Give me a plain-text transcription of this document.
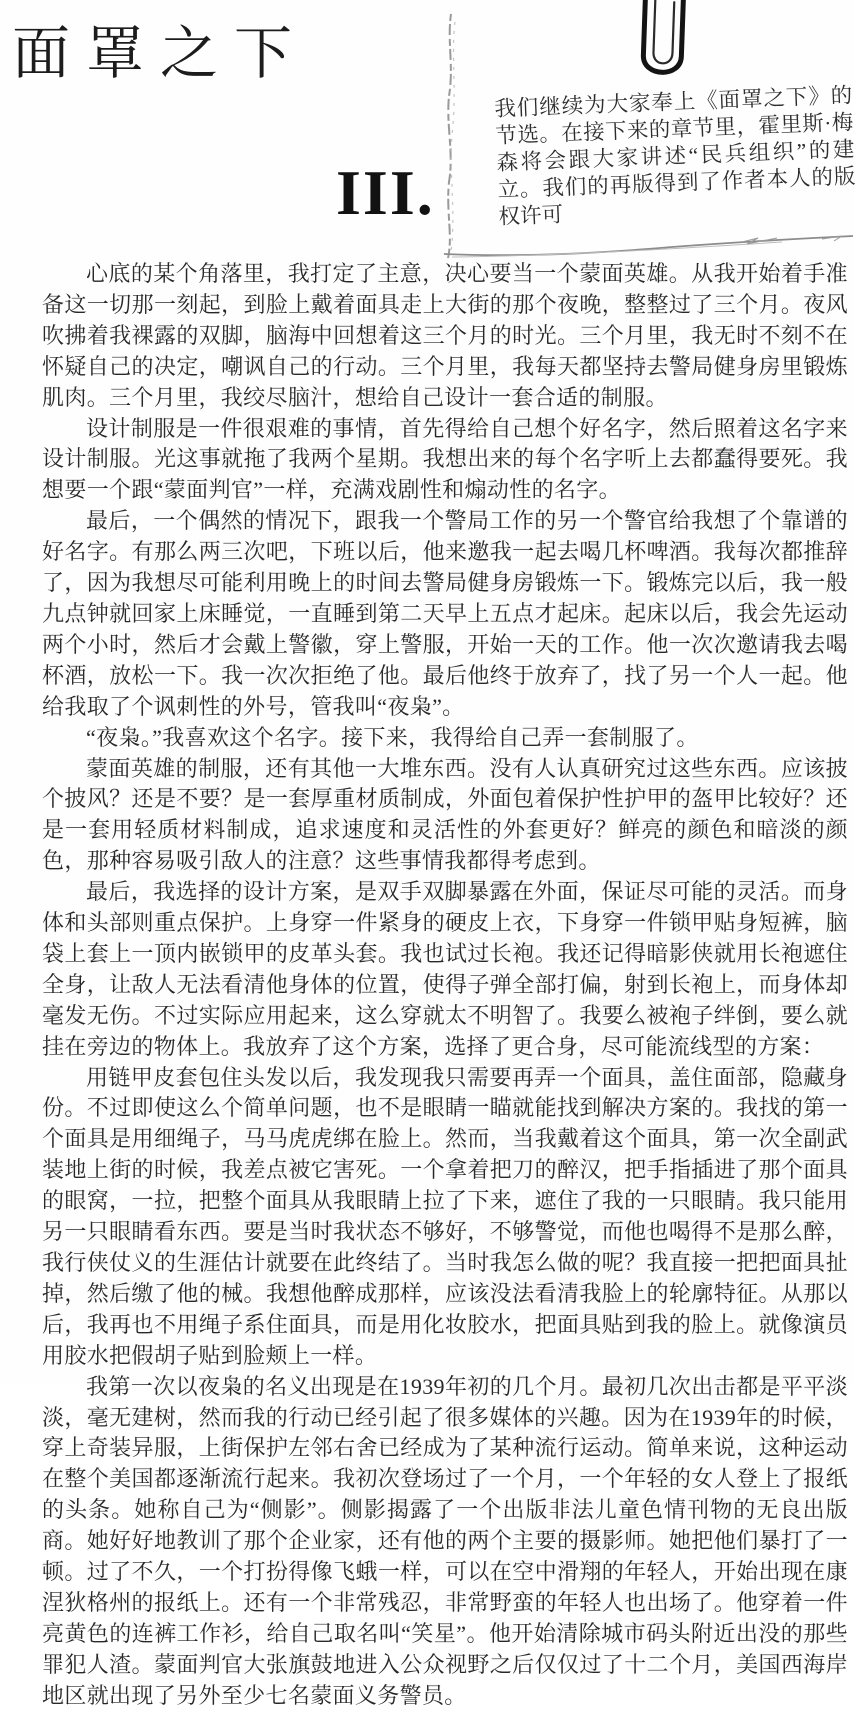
面罩之下

我们继续为大家奉上《面罩之下》的节选。在接下来的章节里，霍里斯·梅森将会跟大家讲述“民兵组织”的建立。我们的再版得到了作者本人的版权许可

III.

心底的某个角落里，我打定了主意，决心要当一个蒙面英雄。从我开始着手准备这一切那一刻起，到脸上戴着面具走上大街的那个夜晚，整整过了三个月。夜风吹拂着我裸露的双脚，脑海中回想着这三个月的时光。三个月里，我无时不刻不在怀疑自己的决定，嘲讽自己的行动。三个月里，我每天都坚持去警局健身房里锻炼肌肉。三个月里，我绞尽脑汁，想给自己设计一套合适的制服。

设计制服是一件很艰难的事情，首先得给自己想个好名字，然后照着这名字来设计制服。光这事就拖了我两个星期。我想出来的每个名字听上去都蠢得要死。我想要一个跟“蒙面判官”一样，充满戏剧性和煽动性的名字。

最后，一个偶然的情况下，跟我一个警局工作的另一个警官给我想了个靠谱的好名字。有那么两三次吧，下班以后，他来邀我一起去喝几杯啤酒。我每次都推辞了，因为我想尽可能利用晚上的时间去警局健身房锻炼一下。锻炼完以后，我一般九点钟就回家上床睡觉，一直睡到第二天早上五点才起床。起床以后，我会先运动两个小时，然后才会戴上警徽，穿上警服，开始一天的工作。他一次次邀请我去喝杯酒，放松一下。我一次次拒绝了他。最后他终于放弃了，找了另一个人一起。他给我取了个讽刺性的外号，管我叫“夜枭”。

“夜枭。”我喜欢这个名字。接下来，我得给自己弄一套制服了。

蒙面英雄的制服，还有其他一大堆东西。没有人认真研究过这些东西。应该披个披风？还是不要？是一套厚重材质制成，外面包着保护性护甲的盔甲比较好？还是一套用轻质材料制成，追求速度和灵活性的外套更好？鲜亮的颜色和暗淡的颜色，那种容易吸引敌人的注意？这些事情我都得考虑到。

最后，我选择的设计方案，是双手双脚暴露在外面，保证尽可能的灵活。而身体和头部则重点保护。上身穿一件紧身的硬皮上衣，下身穿一件锁甲贴身短裤，脑袋上套上一顶内嵌锁甲的皮革头套。我也试过长袍。我还记得暗影侠就用长袍遮住全身，让敌人无法看清他身体的位置，使得子弹全部打偏，射到长袍上，而身体却毫发无伤。不过实际应用起来，这么穿就太不明智了。我要么被袍子绊倒，要么就挂在旁边的物体上。我放弃了这个方案，选择了更合身，尽可能流线型的方案：

用链甲皮套包住头发以后，我发现我只需要再弄一个面具，盖住面部，隐藏身份。不过即使这么个简单问题，也不是眼睛一瞄就能找到解决方案的。我找的第一个面具是用细绳子，马马虎虎绑在脸上。然而，当我戴着这个面具，第一次全副武装地上街的时候，我差点被它害死。一个拿着把刀的醉汉，把手指插进了那个面具的眼窝，一拉，把整个面具从我眼睛上拉了下来，遮住了我的一只眼睛。我只能用另一只眼睛看东西。要是当时我状态不够好，不够警觉，而他也喝得不是那么醉，我行侠仗义的生涯估计就要在此终结了。当时我怎么做的呢？我直接一把把面具扯掉，然后缴了他的械。我想他醉成那样，应该没法看清我脸上的轮廓特征。从那以后，我再也不用绳子系住面具，而是用化妆胶水，把面具贴到我的脸上。就像演员用胶水把假胡子贴到脸颊上一样。

我第一次以夜枭的名义出现是在1939年初的几个月。最初几次出击都是平平淡淡，毫无建树，然而我的行动已经引起了很多媒体的兴趣。因为在1939年的时候，穿上奇装异服，上街保护左邻右舍已经成为了某种流行运动。简单来说，这种运动在整个美国都逐渐流行起来。我初次登场过了一个月，一个年轻的女人登上了报纸的头条。她称自己为“侧影”。侧影揭露了一个出版非法儿童色情刊物的无良出版商。她好好地教训了那个企业家，还有他的两个主要的摄影师。她把他们暴打了一顿。过了不久，一个打扮得像飞蛾一样，可以在空中滑翔的年轻人，开始出现在康涅狄格州的报纸上。还有一个非常残忍，非常野蛮的年轻人也出场了。他穿着一件亮黄色的连裤工作衫，给自己取名叫“笑星”。他开始清除城市码头附近出没的那些罪犯人渣。蒙面判官大张旗鼓地进入公众视野之后仅仅过了十二个月，美国西海岸地区就出现了另外至少七名蒙面义务警员。
